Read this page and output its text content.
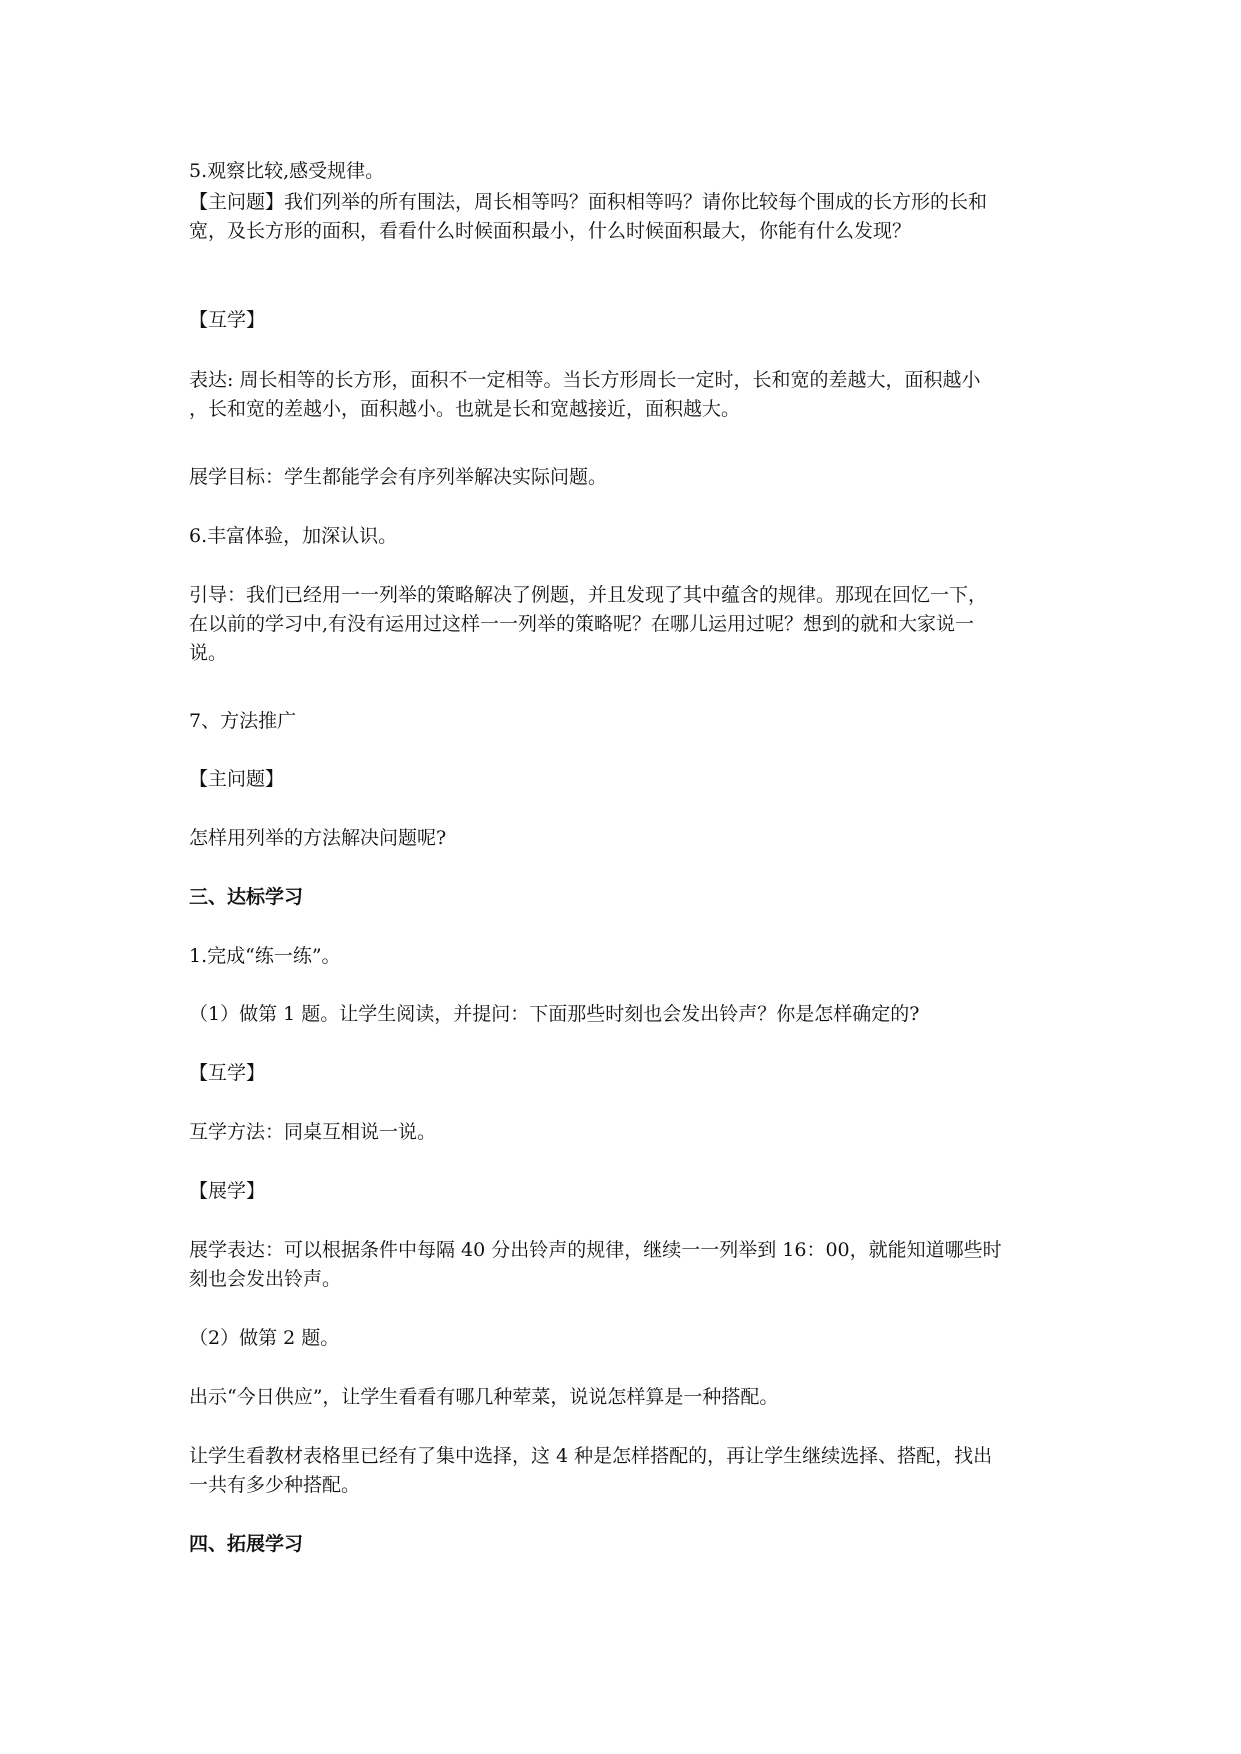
5.观察比较,感受规律。

【主问题】我们列举的所有围法，周长相等吗？面积相等吗？请你比较每个围成的长方形的长和
宽，及长方形的面积，看看什么时候面积最小，什么时候面积最大，你能有什么发现？

【互学】

表达: 周长相等的长方形，面积不一定相等。当长方形周长一定时，长和宽的差越大，面积越小
，长和宽的差越小，面积越小。也就是长和宽越接近，面积越大。

展学目标：学生都能学会有序列举解决实际问题。

6.丰富体验，加深认识。

引导：我们已经用一一列举的策略解决了例题，并且发现了其中蕴含的规律。那现在回忆一下，
在以前的学习中,有没有运用过这样一一列举的策略呢？在哪儿运用过呢？想到的就和大家说一
说。

7、方法推广

【主问题】

怎样用列举的方法解决问题呢?

三、达标学习

1.完成“练一练”。

（1）做第 1 题。让学生阅读，并提问：下面那些时刻也会发出铃声？你是怎样确定的?

【互学】

互学方法：同桌互相说一说。

【展学】

展学表达：可以根据条件中每隔 40 分出铃声的规律，继续一一列举到 16：00，就能知道哪些时
刻也会发出铃声。

（2）做第 2 题。

出示“今日供应”，让学生看看有哪几种荤菜，说说怎样算是一种搭配。

让学生看教材表格里已经有了集中选择，这 4 种是怎样搭配的，再让学生继续选择、搭配，找出
一共有多少种搭配。

四、拓展学习
